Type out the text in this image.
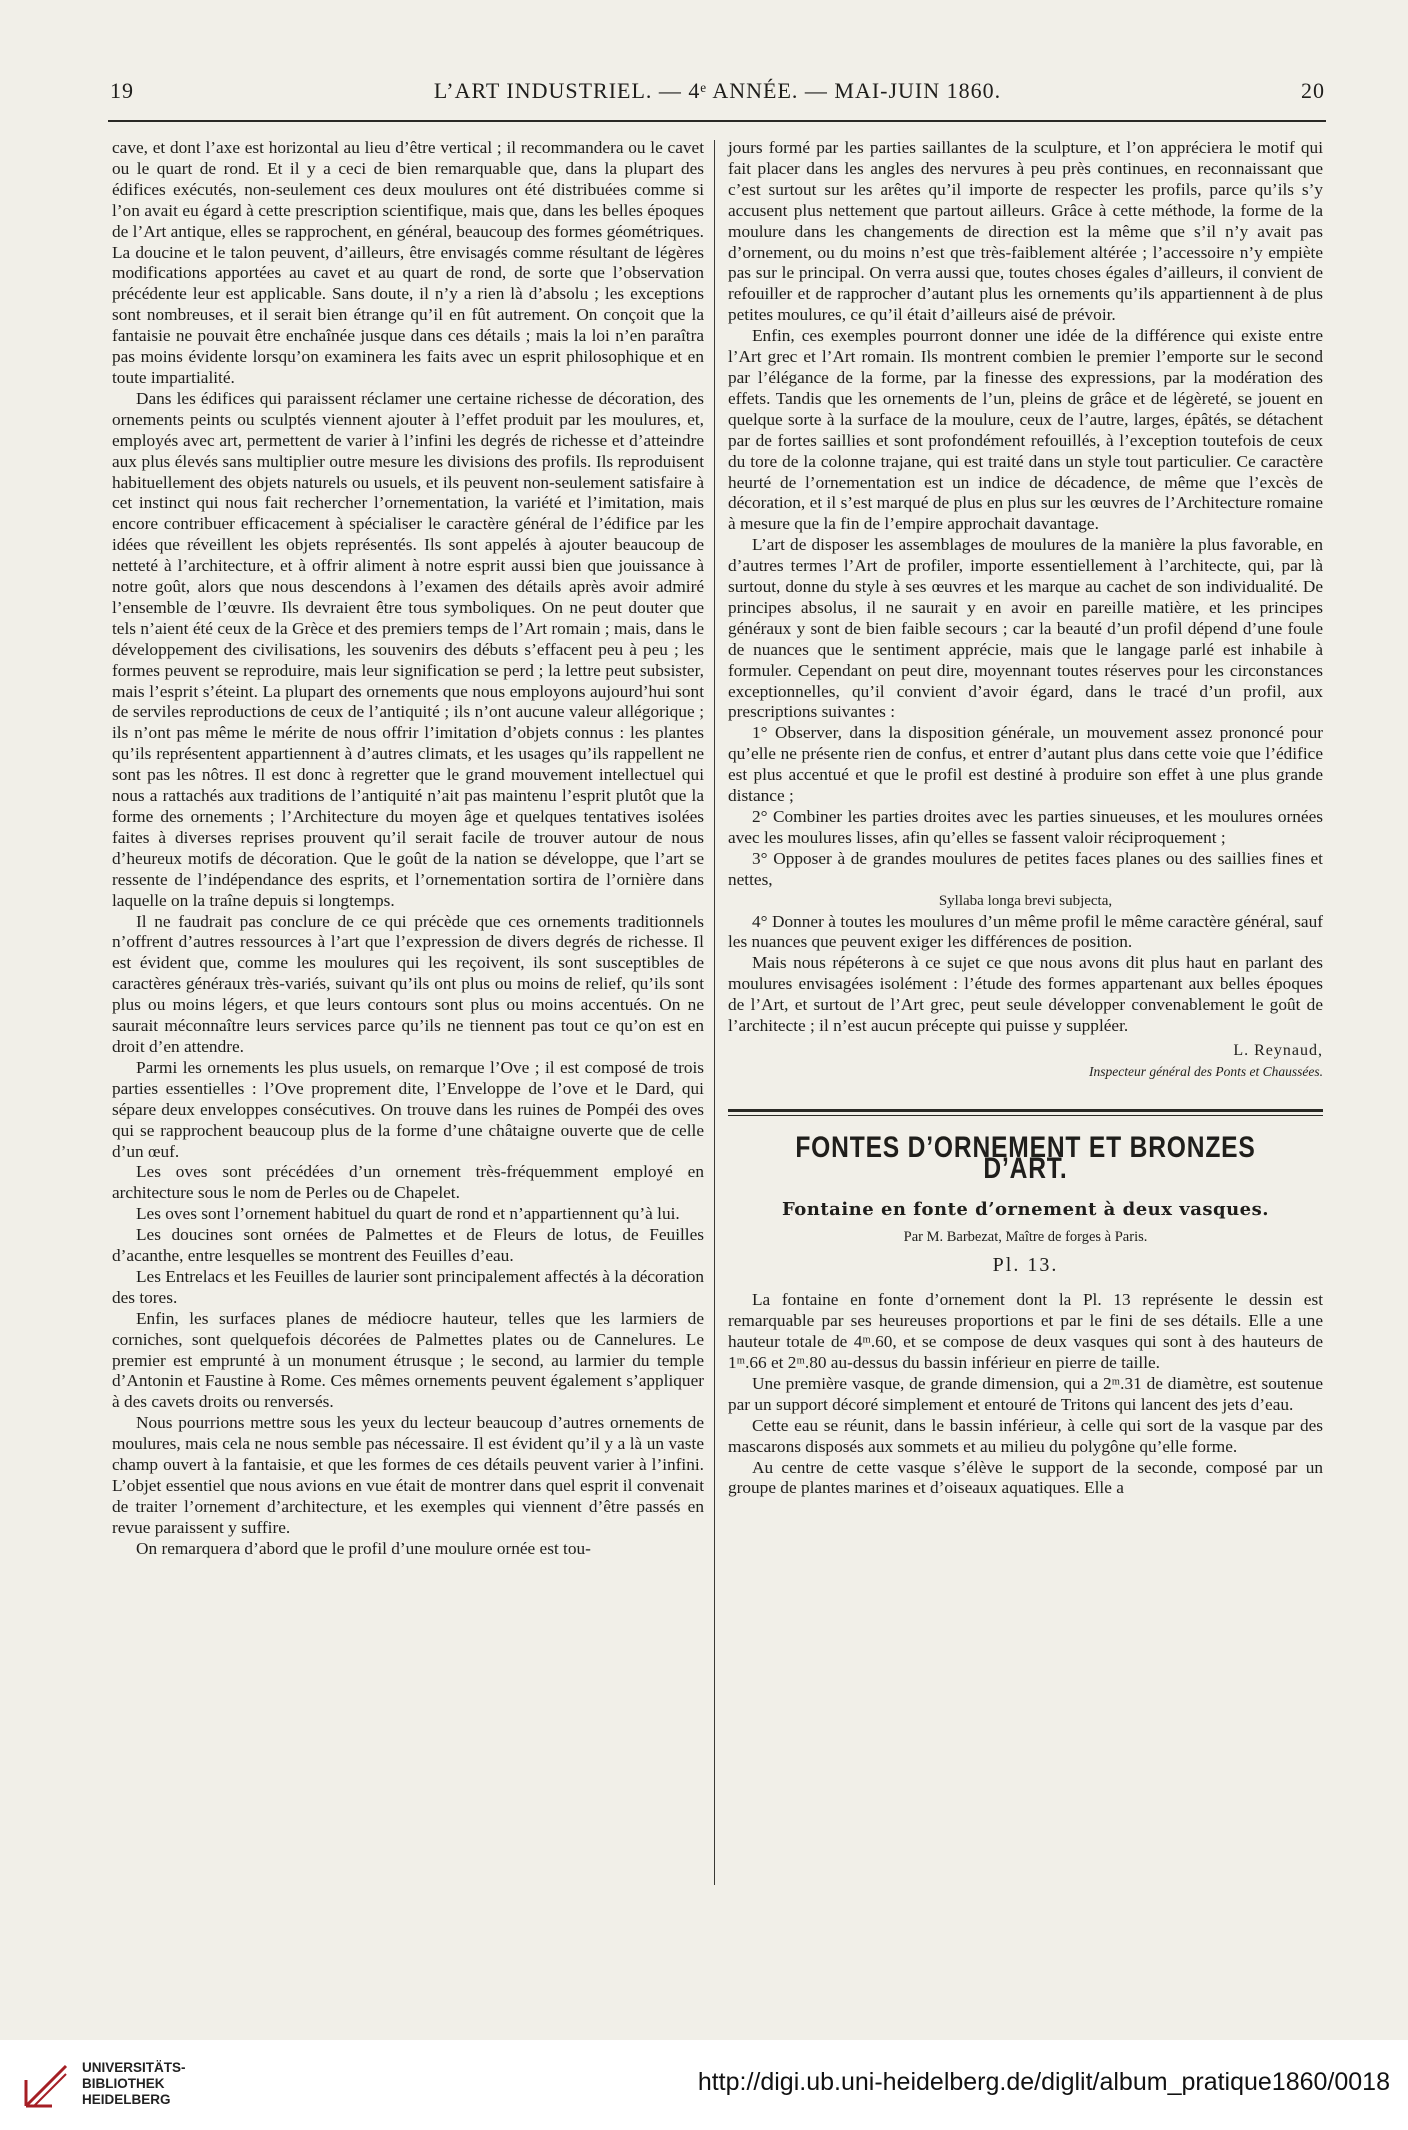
19	L’ART INDUSTRIEL. — 4ᵉ ANNÉE. — MAI-JUIN 1860.	20

cave, et dont l’axe est horizontal au lieu d’être vertical ; il recommandera ou le cavet ou le quart de rond. Et il y a ceci de bien remarquable que, dans la plupart des édifices exécutés, non-seulement ces deux moulures ont été distribuées comme si l’on avait eu égard à cette prescription scientifique, mais que, dans les belles époques de l’Art antique, elles se rapprochent, en général, beaucoup des formes géométriques. La doucine et le talon peuvent, d’ailleurs, être envisagés comme résultant de légères modifications apportées au cavet et au quart de rond, de sorte que l’observation précédente leur est applicable. Sans doute, il n’y a rien là d’absolu ; les exceptions sont nombreuses, et il serait bien étrange qu’il en fût autrement. On conçoit que la fantaisie ne pouvait être enchaînée jusque dans ces détails ; mais la loi n’en paraîtra pas moins évidente lorsqu’on examinera les faits avec un esprit philosophique et en toute impartialité.

Dans les édifices qui paraissent réclamer une certaine richesse de décoration, des ornements peints ou sculptés viennent ajouter à l’effet produit par les moulures, et, employés avec art, permettent de varier à l’infini les degrés de richesse et d’atteindre aux plus élevés sans multiplier outre mesure les divisions des profils. Ils reproduisent habituellement des objets naturels ou usuels, et ils peuvent non-seulement satisfaire à cet instinct qui nous fait rechercher l’ornementation, la variété et l’imitation, mais encore contribuer efficacement à spécialiser le caractère général de l’édifice par les idées que réveillent les objets représentés. Ils sont appelés à ajouter beaucoup de netteté à l’architecture, et à offrir aliment à notre esprit aussi bien que jouissance à notre goût, alors que nous descendons à l’examen des détails après avoir admiré l’ensemble de l’œuvre. Ils devraient être tous symboliques. On ne peut douter que tels n’aient été ceux de la Grèce et des premiers temps de l’Art romain ; mais, dans le développement des civilisations, les souvenirs des débuts s’effacent peu à peu ; les formes peuvent se reproduire, mais leur signification se perd ; la lettre peut subsister, mais l’esprit s’éteint. La plupart des ornements que nous employons aujourd’hui sont de serviles reproductions de ceux de l’antiquité ; ils n’ont aucune valeur allégorique ; ils n’ont pas même le mérite de nous offrir l’imitation d’objets connus : les plantes qu’ils représentent appartiennent à d’autres climats, et les usages qu’ils rappellent ne sont pas les nôtres. Il est donc à regretter que le grand mouvement intellectuel qui nous a rattachés aux traditions de l’antiquité n’ait pas maintenu l’esprit plutôt que la forme des ornements ; l’Architecture du moyen âge et quelques tentatives isolées faites à diverses reprises prouvent qu’il serait facile de trouver autour de nous d’heureux motifs de décoration. Que le goût de la nation se développe, que l’art se ressente de l’indépendance des esprits, et l’ornementation sortira de l’ornière dans laquelle on la traîne depuis si longtemps.

Il ne faudrait pas conclure de ce qui précède que ces ornements traditionnels n’offrent d’autres ressources à l’art que l’expression de divers degrés de richesse. Il est évident que, comme les moulures qui les reçoivent, ils sont susceptibles de caractères généraux très-variés, suivant qu’ils ont plus ou moins de relief, qu’ils sont plus ou moins légers, et que leurs contours sont plus ou moins accentués. On ne saurait méconnaître leurs services parce qu’ils ne tiennent pas tout ce qu’on est en droit d’en attendre.

Parmi les ornements les plus usuels, on remarque l’Ove ; il est composé de trois parties essentielles : l’Ove proprement dite, l’Enveloppe de l’ove et le Dard, qui sépare deux enveloppes consécutives. On trouve dans les ruines de Pompéi des oves qui se rapprochent beaucoup plus de la forme d’une châtaigne ouverte que de celle d’un œuf.

Les oves sont précédées d’un ornement très-fréquemment employé en architecture sous le nom de Perles ou de Chapelet.

Les oves sont l’ornement habituel du quart de rond et n’appartiennent qu’à lui.

Les doucines sont ornées de Palmettes et de Fleurs de lotus, de Feuilles d’acanthe, entre lesquelles se montrent des Feuilles d’eau.

Les Entrelacs et les Feuilles de laurier sont principalement affectés à la décoration des tores.

Enfin, les surfaces planes de médiocre hauteur, telles que les larmiers de corniches, sont quelquefois décorées de Palmettes plates ou de Cannelures. Le premier est emprunté à un monument étrusque ; le second, au larmier du temple d’Antonin et Faustine à Rome. Ces mêmes ornements peuvent également s’appliquer à des cavets droits ou renversés.

Nous pourrions mettre sous les yeux du lecteur beaucoup d’autres ornements de moulures, mais cela ne nous semble pas nécessaire. Il est évident qu’il y a là un vaste champ ouvert à la fantaisie, et que les formes de ces détails peuvent varier à l’infini. L’objet essentiel que nous avions en vue était de montrer dans quel esprit il convenait de traiter l’ornement d’architecture, et les exemples qui viennent d’être passés en revue paraissent y suffire.

On remarquera d’abord que le profil d’une moulure ornée est tou-

jours formé par les parties saillantes de la sculpture, et l’on appréciera le motif qui fait placer dans les angles des nervures à peu près continues, en reconnaissant que c’est surtout sur les arêtes qu’il importe de respecter les profils, parce qu’ils s’y accusent plus nettement que partout ailleurs. Grâce à cette méthode, la forme de la moulure dans les changements de direction est la même que s’il n’y avait pas d’ornement, ou du moins n’est que très-faiblement altérée ; l’accessoire n’y empiète pas sur le principal. On verra aussi que, toutes choses égales d’ailleurs, il convient de refouiller et de rapprocher d’autant plus les ornements qu’ils appartiennent à de plus petites moulures, ce qu’il était d’ailleurs aisé de prévoir.

Enfin, ces exemples pourront donner une idée de la différence qui existe entre l’Art grec et l’Art romain. Ils montrent combien le premier l’emporte sur le second par l’élégance de la forme, par la finesse des expressions, par la modération des effets. Tandis que les ornements de l’un, pleins de grâce et de légèreté, se jouent en quelque sorte à la surface de la moulure, ceux de l’autre, larges, épâtés, se détachent par de fortes saillies et sont profondément refouillés, à l’exception toutefois de ceux du tore de la colonne trajane, qui est traité dans un style tout particulier. Ce caractère heurté de l’ornementation est un indice de décadence, de même que l’excès de décoration, et il s’est marqué de plus en plus sur les œuvres de l’Architecture romaine à mesure que la fin de l’empire approchait davantage.

L’art de disposer les assemblages de moulures de la manière la plus favorable, en d’autres termes l’Art de profiler, importe essentiellement à l’architecte, qui, par là surtout, donne du style à ses œuvres et les marque au cachet de son individualité. De principes absolus, il ne saurait y en avoir en pareille matière, et les principes généraux y sont de bien faible secours ; car la beauté d’un profil dépend d’une foule de nuances que le sentiment apprécie, mais que le langage parlé est inhabile à formuler. Cependant on peut dire, moyennant toutes réserves pour les circonstances exceptionnelles, qu’il convient d’avoir égard, dans le tracé d’un profil, aux prescriptions suivantes :

1° Observer, dans la disposition générale, un mouvement assez prononcé pour qu’elle ne présente rien de confus, et entrer d’autant plus dans cette voie que l’édifice est plus accentué et que le profil est destiné à produire son effet à une plus grande distance ;

2° Combiner les parties droites avec les parties sinueuses, et les moulures ornées avec les moulures lisses, afin qu’elles se fassent valoir réciproquement ;

3° Opposer à de grandes moulures de petites faces planes ou des saillies fines et nettes,

Syllaba longa brevi subjecta,

4° Donner à toutes les moulures d’un même profil le même caractère général, sauf les nuances que peuvent exiger les différences de position.

Mais nous répéterons à ce sujet ce que nous avons dit plus haut en parlant des moulures envisagées isolément : l’étude des formes appartenant aux belles époques de l’Art, et surtout de l’Art grec, peut seule développer convenablement le goût de l’architecte ; il n’est aucun précepte qui puisse y suppléer.

L. Reynaud,
Inspecteur général des Ponts et Chaussées.
FONTES D’ORNEMENT ET BRONZES D’ART.
Fontaine en fonte d’ornement à deux vasques.
Par M. Barbezat, Maître de forges à Paris.
Pl. 13.

La fontaine en fonte d’ornement dont la Pl. 13 représente le dessin est remarquable par ses heureuses proportions et par le fini de ses détails. Elle a une hauteur totale de 4ᵐ.60, et se compose de deux vasques qui sont à des hauteurs de 1ᵐ.66 et 2ᵐ.80 au-dessus du bassin inférieur en pierre de taille.

Une première vasque, de grande dimension, qui a 2ᵐ.31 de diamètre, est soutenue par un support décoré simplement et entouré de Tritons qui lancent des jets d’eau.

Cette eau se réunit, dans le bassin inférieur, à celle qui sort de la vasque par des mascarons disposés aux sommets et au milieu du polygône qu’elle forme.

Au centre de cette vasque s’élève le support de la seconde, composé par un groupe de plantes marines et d’oiseaux aquatiques. Elle a

UNIVERSITÄTS-
BIBLIOTHEK
HEIDELBERG
http://digi.ub.uni-heidelberg.de/diglit/album_pratique1860/0018
